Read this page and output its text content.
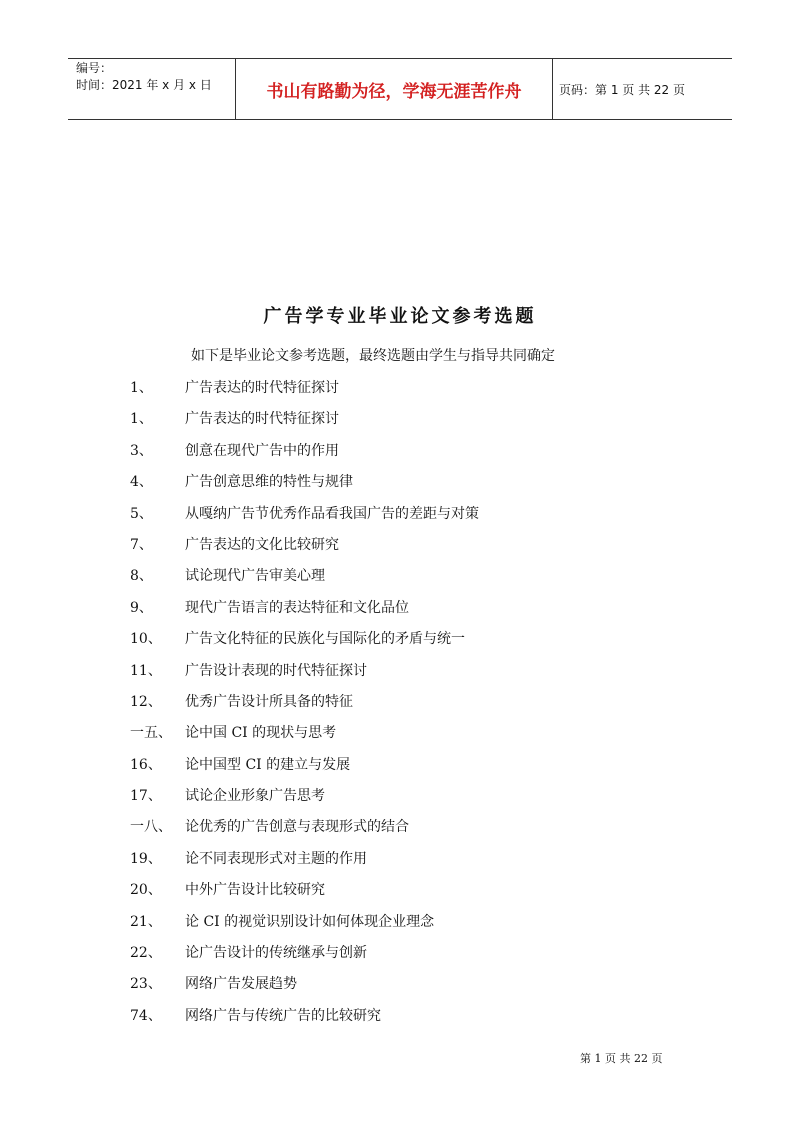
编号：
时间：2021 年 x 月 x 日	书山有路勤为径，学海无涯苦作舟	页码：第 1 页 共 22 页
广告学专业毕业论文参考选题
如下是毕业论文参考选题，最终选题由学生与指导共同确定
1、 广告表达的时代特征探讨
1、 广告表达的时代特征探讨
3、 创意在现代广告中的作用
4、 广告创意思维的特性与规律
5、 从嘎纳广告节优秀作品看我国广告的差距与对策
7、 广告表达的文化比较研究
8、 试论现代广告审美心理
9、 现代广告语言的表达特征和文化品位
10、 广告文化特征的民族化与国际化的矛盾与统一
11、 广告设计表现的时代特征探讨
12、 优秀广告设计所具备的特征
一五、 论中国 CI 的现状与思考
16、 论中国型 CI 的建立与发展
17、 试论企业形象广告思考
一八、 论优秀的广告创意与表现形式的结合
19、 论不同表现形式对主题的作用
20、 中外广告设计比较研究
21、 论 CI 的视觉识别设计如何体现企业理念
22、 论广告设计的传统继承与创新
23、 网络广告发展趋势
74、 网络广告与传统广告的比较研究
第 1 页 共 22 页
